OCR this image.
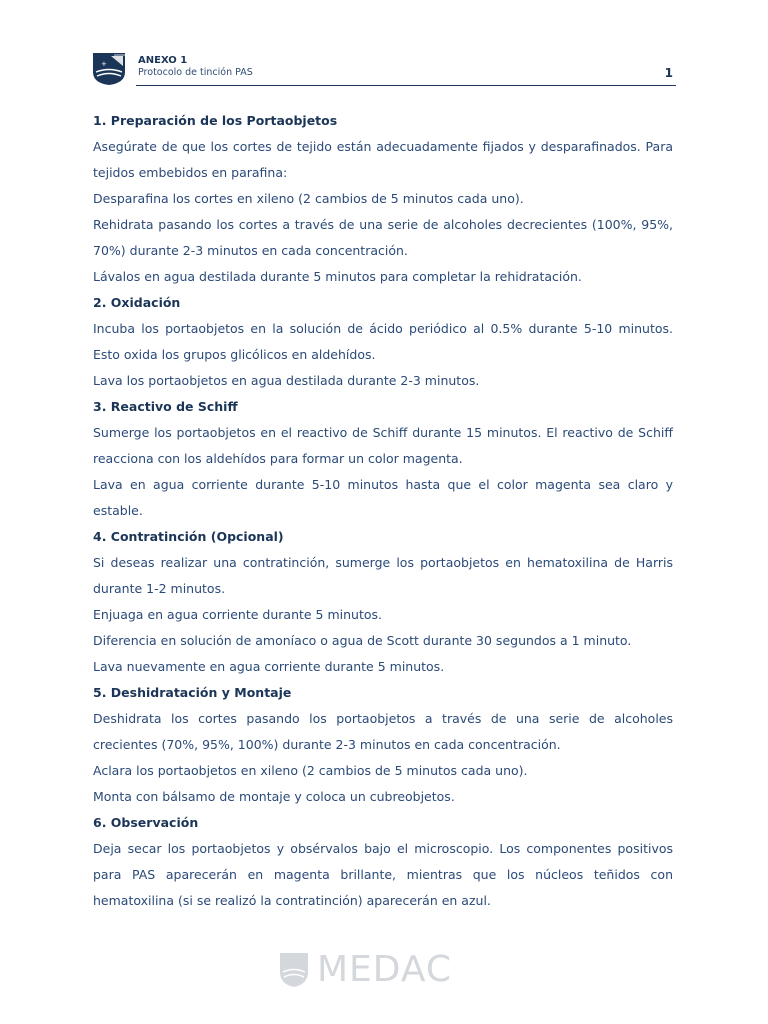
+	ANEXO 1
Protocolo de tinción PAS	1

1. Preparación de los Portaobjetos

Asegúrate de que los cortes de tejido están adecuadamente fijados y desparafinados. Para tejidos embebidos en parafina:

Desparafina los cortes en xileno (2 cambios de 5 minutos cada uno).

Rehidrata pasando los cortes a través de una serie de alcoholes decrecientes (100%, 95%, 70%) durante 2-3 minutos en cada concentración.

Lávalos en agua destilada durante 5 minutos para completar la rehidratación.

2. Oxidación

Incuba los portaobjetos en la solución de ácido periódico al 0.5% durante 5-10 minutos. Esto oxida los grupos glicólicos en aldehídos.

Lava los portaobjetos en agua destilada durante 2-3 minutos.

3. Reactivo de Schiff

Sumerge los portaobjetos en el reactivo de Schiff durante 15 minutos. El reactivo de Schiff reacciona con los aldehídos para formar un color magenta.

Lava en agua corriente durante 5-10 minutos hasta que el color magenta sea claro y estable.

4. Contratinción (Opcional)

Si deseas realizar una contratinción, sumerge los portaobjetos en hematoxilina de Harris durante 1-2 minutos.

Enjuaga en agua corriente durante 5 minutos.

Diferencia en solución de amoníaco o agua de Scott durante 30 segundos a 1 minuto.

Lava nuevamente en agua corriente durante 5 minutos.

5. Deshidratación y Montaje

Deshidrata los cortes pasando los portaobjetos a través de una serie de alcoholes crecientes (70%, 95%, 100%) durante 2-3 minutos en cada concentración.

Aclara los portaobjetos en xileno (2 cambios de 5 minutos cada uno).

Monta con bálsamo de montaje y coloca un cubreobjetos.

6. Observación

Deja secar los portaobjetos y obsérvalos bajo el microscopio. Los componentes positivos para PAS aparecerán en magenta brillante, mientras que los núcleos teñidos con hematoxilina (si se realizó la contratinción) aparecerán en azul.

MEDAC
